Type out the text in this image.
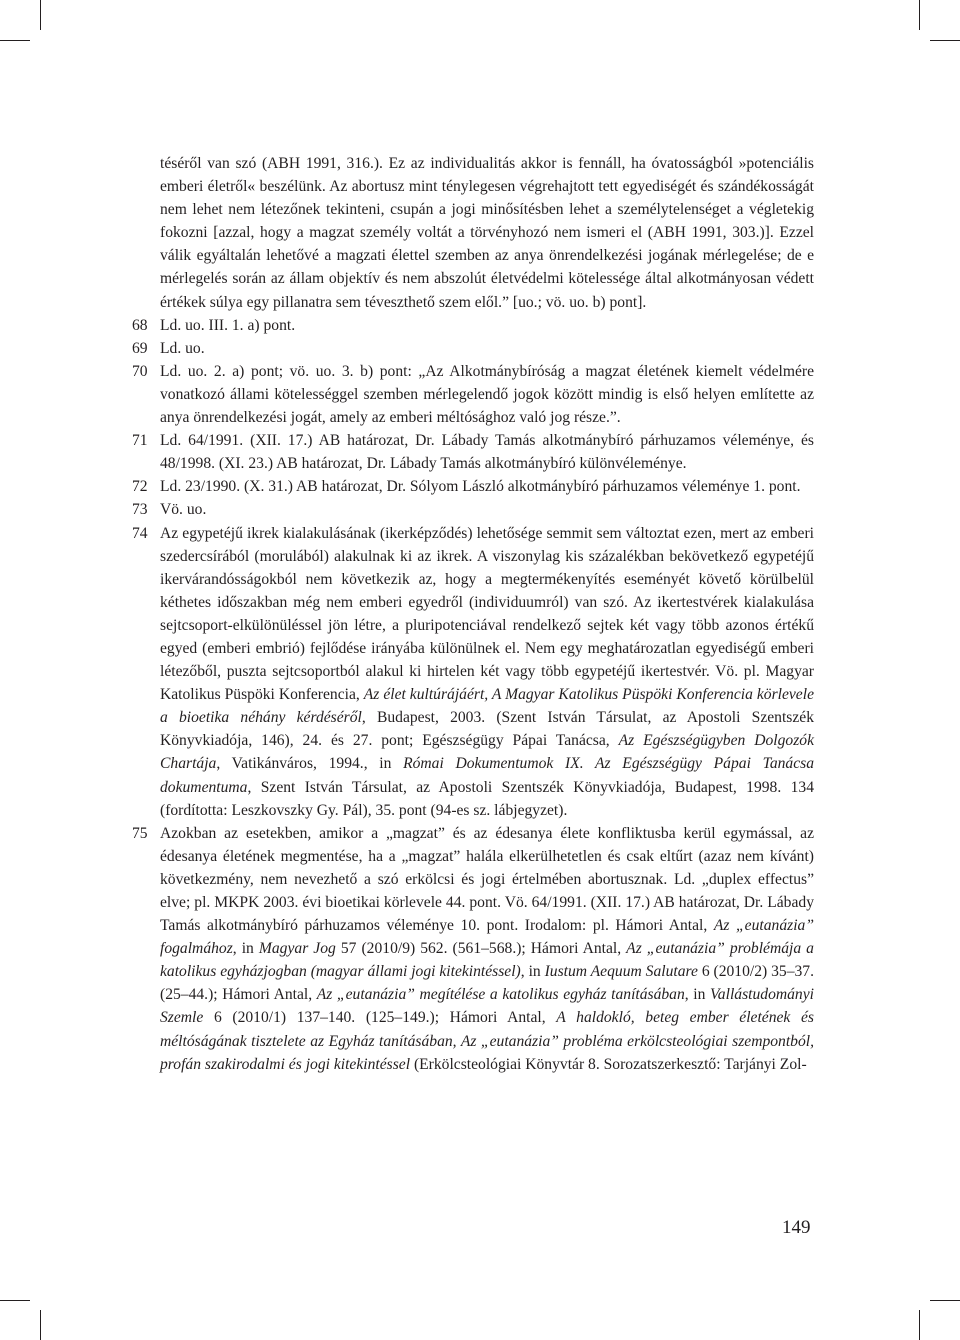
téséről van szó (ABH 1991, 316.). Ez az individualitás akkor is fennáll, ha óvatosságból »potenciális emberi életről« beszélünk. Az abortusz mint ténylegesen végrehajtott tett egyediségét és szándékosságát nem lehet nem létezőnek tekinteni, csupán a jogi minősítésben lehet a személytelenséget a végletekig fokozni [azzal, hogy a magzat személy voltát a törvényhozó nem ismeri el (ABH 1991, 303.)]. Ezzel válik egyáltalán lehetővé a magzati élettel szemben az anya önrendelkezési jogának mérlegelése; de e mérlegelés során az állam objektív és nem abszolút életvédelmi kötelessége által alkotmányosan védett értékek súlya egy pillanatra sem téveszthető szem elől.” [uo.; vö. uo. b) pont].

68 Ld. uo. III. 1. a) pont.
69 Ld. uo.
70 Ld. uo. 2. a) pont; vö. uo. 3. b) pont: „Az Alkotmánybíróság a magzat életének kiemelt védelmére vonatkozó állami kötelességgel szemben mérlegelendő jogok között mindig is első helyen említette az anya önrendelkezési jogát, amely az emberi méltósághoz való jog része.”.
71 Ld. 64/1991. (XII. 17.) AB határozat, Dr. Lábady Tamás alkotmánybíró párhuzamos véleménye, és 48/1998. (XI. 23.) AB határozat, Dr. Lábady Tamás alkotmánybíró különvéleménye.
72 Ld. 23/1990. (X. 31.) AB határozat, Dr. Sólyom László alkotmánybíró párhuzamos véleménye 1. pont.
73 Vö. uo.
74 Az egypetéjű ikrek kialakulásának (ikerképződés) lehetősége semmit sem változtat ezen, mert az emberi szedercsírából (morulából) alakulnak ki az ikrek. A viszonylag kis százalékban bekövetkező egypetéjű ikervárandósságokból nem következik az, hogy a megtermékenyítés eseményét követő körülbelül kéthetes időszakban még nem emberi egyedről (individuumról) van szó. Az ikertestvérek kialakulása sejtcsoport-elkülönüléssel jön létre, a pluripotenciával rendelkező sejtek két vagy több azonos értékű egyed (emberi embrió) fejlődése irányába különülnek el. Nem egy meghatározatlan egyediségű emberi létezőből, puszta sejtcsoportból alakul ki hirtelen két vagy több egypetéjű ikertestvér. Vö. pl. Magyar Katolikus Püspöki Konferencia, Az élet kultúrájáért, A Magyar Katolikus Püspöki Konferencia körlevele a bioetika néhány kérdéséről, Budapest, 2003. (Szent István Társulat, az Apostoli Szentszék Könyvkiadója, 146), 24. és 27. pont; Egészségügy Pápai Tanácsa, Az Egészségügyben Dolgozók Chartája, Vatikánváros, 1994., in Római Dokumentumok IX. Az Egészségügy Pápai Tanácsa dokumentuma, Szent István Társulat, az Apostoli Szentszék Könyvkiadója, Budapest, 1998. 134 (fordította: Leszkovszky Gy. Pál), 35. pont (94-es sz. lábjegyzet).
75 Azokban az esetekben, amikor a „magzat” és az édesanya élete konfliktusba kerül egymással, az édesanya életének megmentése, ha a „magzat” halála elkerülhetetlen és csak eltűrt (azaz nem kívánt) következmény, nem nevezhető a szó erkölcsi és jogi értelmében abortusznak. Ld. „duplex effectus” elve; pl. MKPK 2003. évi bioetikai körlevele 44. pont. Vö. 64/1991. (XII. 17.) AB határozat, Dr. Lábady Tamás alkotmánybíró párhuzamos véleménye 10. pont. Irodalom: pl. Hámori Antal, Az „eutanázia” fogalmához, in Magyar Jog 57 (2010/9) 562. (561–568.); Hámori Antal, Az „eutanázia” problémája a katolikus egyházjogban (magyar állami jogi kitekintéssel), in Iustum Aequum Salutare 6 (2010/2) 35–37. (25–44.); Hámori Antal, Az „eutanázia” megítélése a katolikus egyház tanításában, in Vallástudományi Szemle 6 (2010/1) 137–140. (125–149.); Hámori Antal, A haldokló, beteg ember életének és méltóságának tisztelete az Egyház tanításában, Az „eutanázia” probléma erkölcsteológiai szempontból, profán szakirodalmi és jogi kitekintéssel (Erkölcsteológiai Könyvtár 8. Sorozatszerkesztő: Tarjányi Zol-
149
